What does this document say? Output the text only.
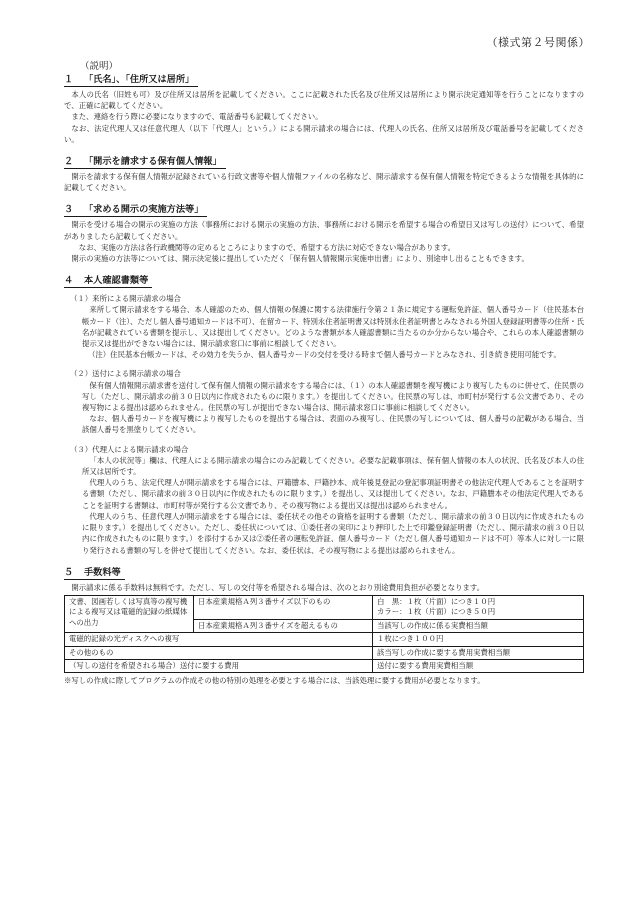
（様式第２号関係）
（説明）
１ 「氏名」、「住所又は居所」

本人の氏名（旧姓も可）及び住所又は居所を記載してください。ここに記載された氏名及び住所又は居所により開示決定通知等を行うことになりますので、正確に記載してください。

また、連絡を行う際に必要になりますので、電話番号も記載してください。

なお、法定代理人又は任意代理人（以下「代理人」という。）による開示請求の場合には、代理人の氏名、住所又は居所及び電話番号を記載してください。

２ 「開示を請求する保有個人情報」

開示を請求する保有個人情報が記録されている行政文書等や個人情報ファイルの名称など、開示請求する保有個人情報を特定できるような情報を具体的に記載してください。

３ 「求める開示の実施方法等」

開示を受ける場合の開示の実施の方法（事務所における開示の実施の方法、事務所における開示を希望する場合の希望日又は写しの送付）について、希望がありましたら記載してください。

なお、実施の方法は各行政機関等の定めるところによりますので、希望する方法に対応できない場合があります。

開示の実施の方法等については、開示決定後に提出していただく「保有個人情報開示実施申出書」により、別途申し出ることもできます。

４ 本人確認書類等

（１）来所による開示請求の場合

来所して開示請求をする場合、本人確認のため、個人情報の保護に関する法律施行令第２１条に規定する運転免許証、個人番号カード（住民基本台帳カード（注）、ただし個人番号通知カードは不可）、在留カード、特別永住者証明書又は特別永住者証明書とみなされる外国人登録証明書等の住所・氏名が記載されている書類を提示し、又は提出してください。どのような書類が本人確認書類に当たるのか分からない場合や、これらの本人確認書類の提示又は提出ができない場合には、開示請求窓口に事前に相談してください。

（注）住民基本台帳カードは、その効力を失うか、個人番号カードの交付を受ける時まで個人番号カードとみなされ、引き続き使用可能です。

（２）送付による開示請求の場合

保有個人情報開示請求書を送付して保有個人情報の開示請求をする場合には、（１）の本人確認書類を複写機により複写したものに併せて、住民票の写し（ただし、開示請求の前３０日以内に作成されたものに限ります。）を提出してください。住民票の写しは、市町村が発行する公文書であり、その複写物による提出は認められません。住民票の写しが提出できない場合は、開示請求窓口に事前に相談してください。

なお、個人番号カードを複写機により複写したものを提出する場合は、表面のみ複写し、住民票の写しについては、個人番号の記載がある場合、当該個人番号を黒塗りしてください。

（３）代理人による開示請求の場合

「本人の状況等」欄は、代理人による開示請求の場合にのみ記載してください。必要な記載事項は、保有個人情報の本人の状況、氏名及び本人の住所又は居所です。

代理人のうち、法定代理人が開示請求をする場合には、戸籍謄本、戸籍抄本、成年後見登記の登記事項証明書その他法定代理人であることを証明する書類（ただし、開示請求の前３０日以内に作成されたものに限ります。）を提出し、又は提出してください。なお、戸籍謄本その他法定代理人であることを証明する書類は、市町村等が発行する公文書であり、その複写物による提出又は提出は認められません。

代理人のうち、任意代理人が開示請求をする場合には、委任状その他その資格を証明する書類（ただし、開示請求の前３０日以内に作成されたものに限ります。）を提出してください。ただし、委任状については、①委任者の実印により押印した上で印鑑登録証明書（ただし、開示請求の前３０日以内に作成されたものに限ります。）を添付するか又は②委任者の運転免許証、個人番号カード（ただし個人番号通知カードは不可）等本人に対し一に限り発行される書類の写しを併せて提出してください。なお、委任状は、その複写物による提出は認められません。

５ 手数料等

開示請求に係る手数料は無料です。ただし、写しの交付等を希望される場合は、次のとおり別途費用負担が必要となります。

文書、図画若しくは写真等の複写機による複写又は電磁的記録の紙媒体への出力	日本産業規格Ａ列３番サイズ以下のもの	白　黒：１枚（片面）につき１０円
カラー：１枚（片面）につき５０円

	日本産業規格Ａ列３番サイズを超えるもの	当該写しの作成に係る実費相当額
電磁的記録の光ディスクへの複写		１枚につき１００円
その他のもの		該当写しの作成に要する費用実費相当額
（写しの送付を希望される場合）送付に要する費用		送付に要する費用実費相当額

※写しの作成に際してプログラムの作成その他の特別の処理を必要とする場合には、当該処理に要する費用が必要となります。
